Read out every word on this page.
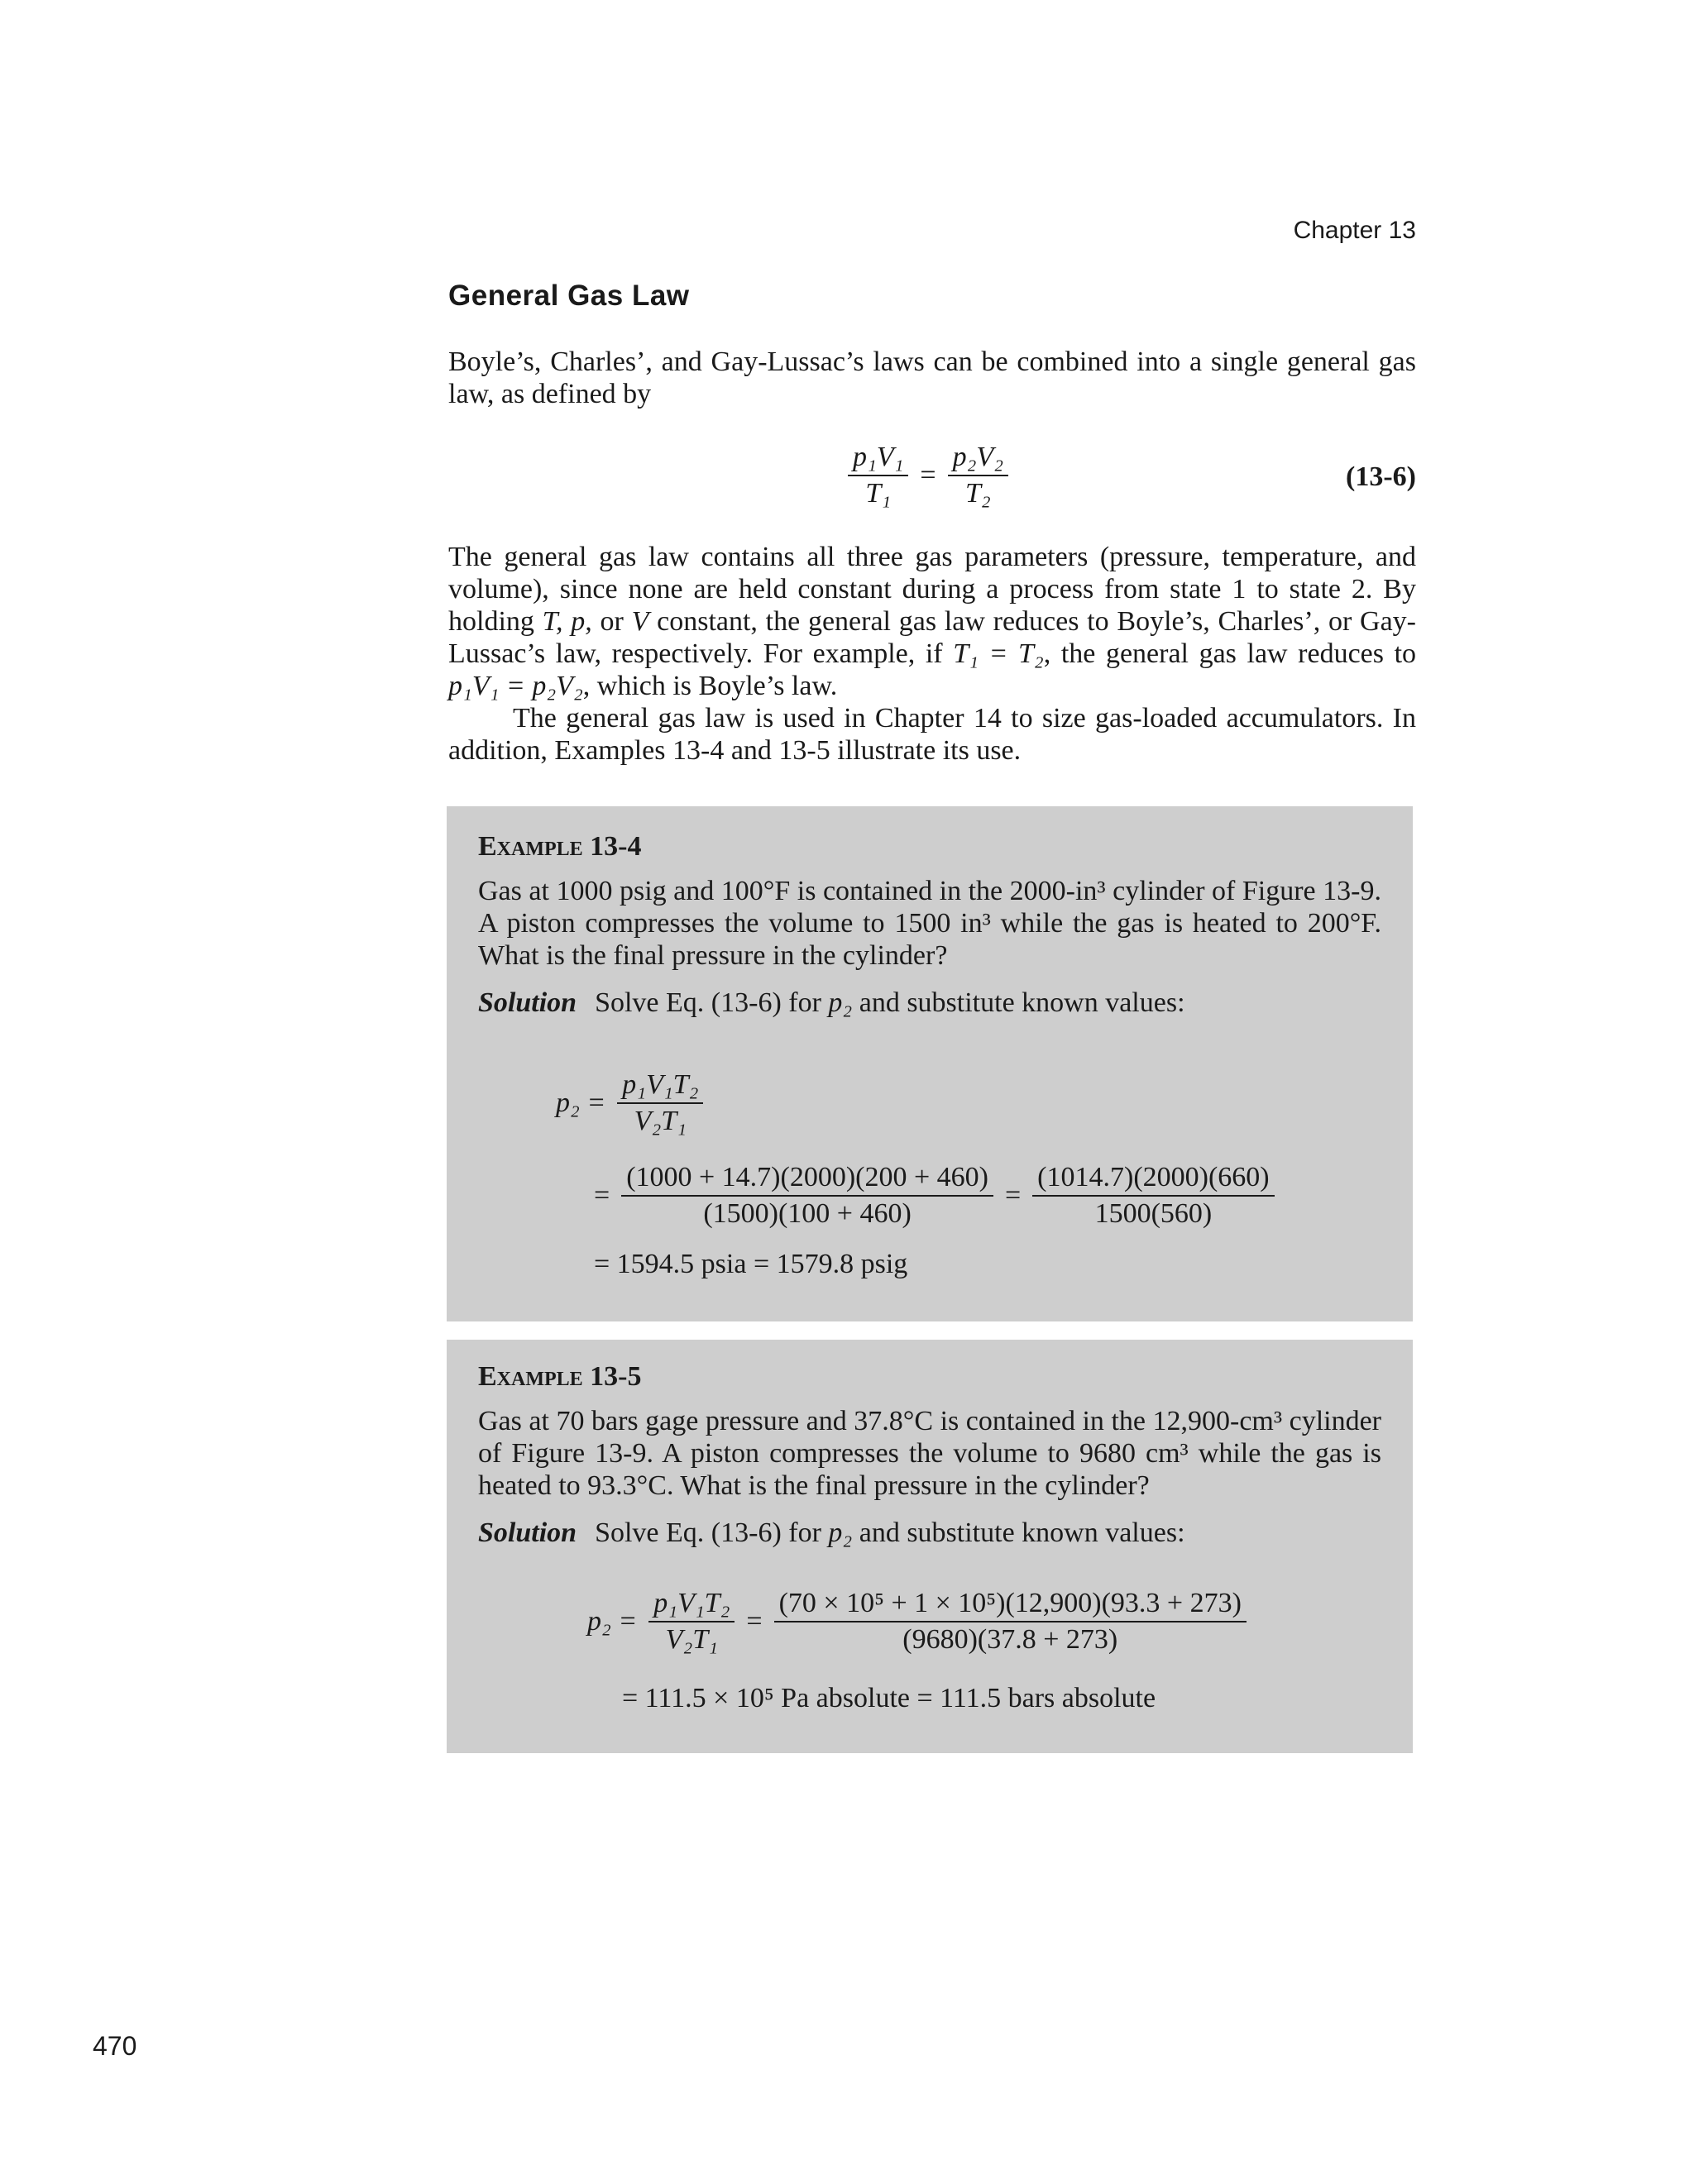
Chapter 13
General Gas Law
Boyle’s, Charles’, and Gay-Lussac’s laws can be combined into a single general gas
law, as defined by
$\frac{\text{p₁V₁}}{\text{T₁}} = \frac{\text{p₂V₂}}{\text{T₂}}$	(13-6)
The general gas law contains all three gas parameters (pressure, temperature, and volume), since none are held constant during a process from state 1 to state 2. By holding T, p, or V constant, the general gas law reduces to Boyle’s, Charles’, or Gay-Lussac’s law, respectively. For example, if T₁ = T₂, the general gas law reduces to p₁V₁ = p₂V₂, which is Boyle’s law.
The general gas law is used in Chapter 14 to size gas-loaded accumulators. In addition, Examples 13-4 and 13-5 illustrate its use.
Example 13-4

Gas at 1000 psig and 100°F is contained in the 2000-in³ cylinder of Figure 13-9. A piston compresses the volume to 1500 in³ while the gas is heated to 200°F. What is the final pressure in the cylinder?

Solution Solve Eq. (13-6) for p₂ and substitute known values:
$p_2 = \frac{\text{p₁V₁T₂}}{\text{V₂T₁}}$
= $\frac{(1000 + 14.7)(2000)(200 + 460)}{(1500)(100 + 460)} = \frac{(1014.7)(2000)(660)}{1500(560)}$
= 1594.5 psia = 1579.8 psig
Example 13-5

Gas at 70 bars gage pressure and 37.8°C is contained in the 12,900-cm³ cylinder of Figure 13-9. A piston compresses the volume to 9680 cm³ while the gas is heated to 93.3°C. What is the final pressure in the cylinder?

Solution Solve Eq. (13-6) for p₂ and substitute known values:
$p_2 = \frac{\text{p₁V₁T₂}}{\text{V₂T₁}} = \frac{\text{(70 × 10⁵ + 1 × 10⁵)(12,900)(93.3 + 273)}}{(9680)(37.8 + 273)}$
= 111.5 × 10⁵ Pa absolute = 111.5 bars absolute
470
